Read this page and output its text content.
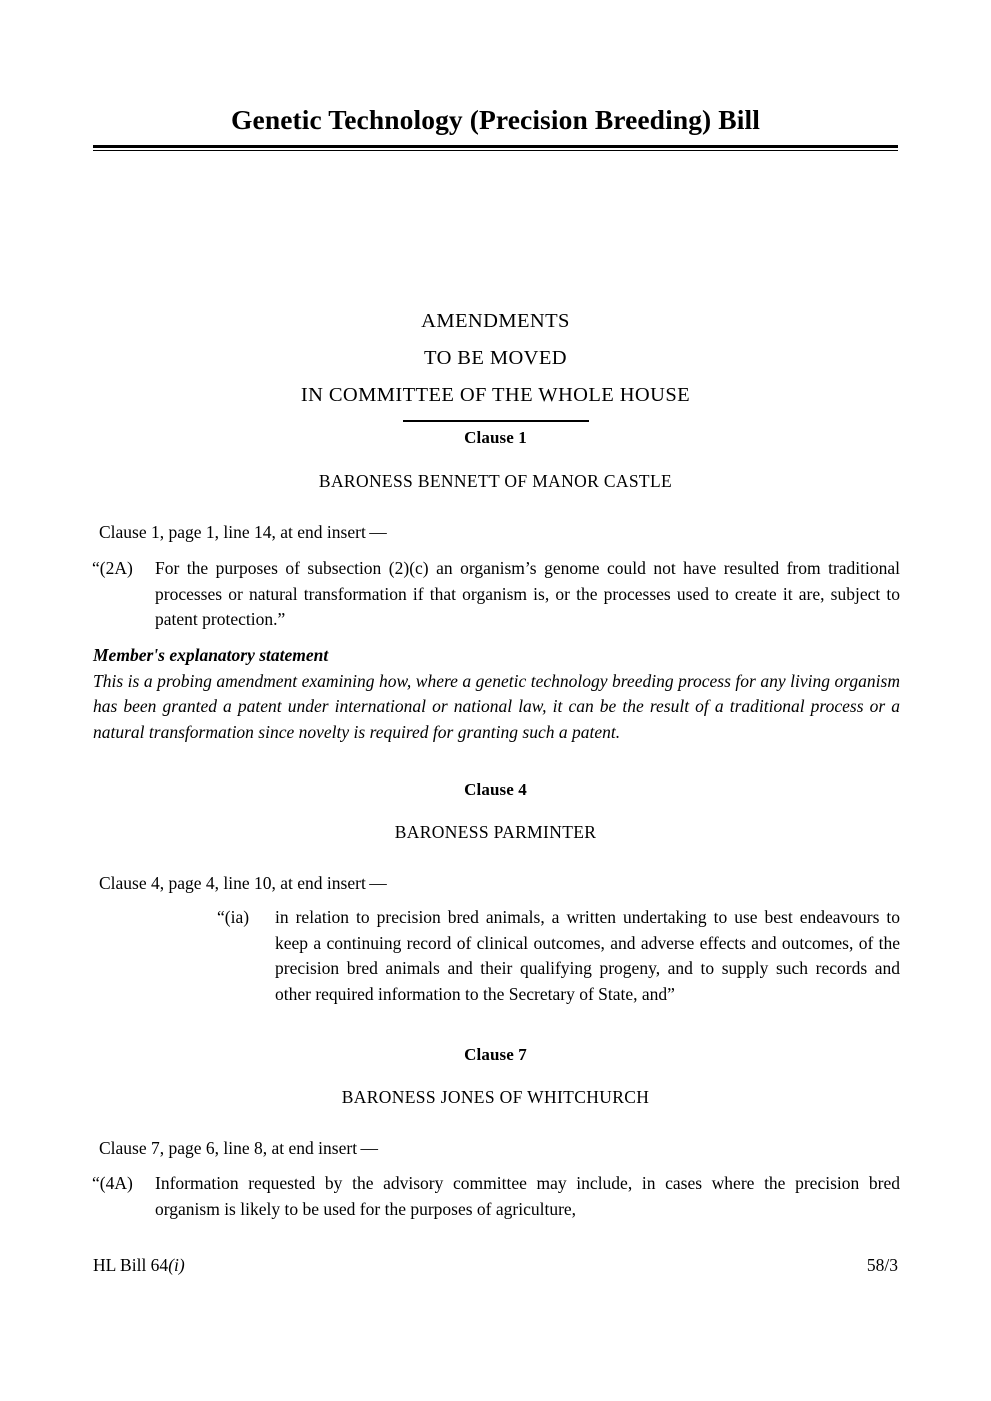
Genetic Technology (Precision Breeding) Bill
AMENDMENTS
TO BE MOVED
IN COMMITTEE OF THE WHOLE HOUSE
Clause 1
BARONESS BENNETT OF MANOR CASTLE
Clause 1, page 1, line 14, at end insert —
“(2A)	For the purposes of subsection (2)(c) an organism’s genome could not have resulted from traditional processes or natural transformation if that organism is, or the processes used to create it are, subject to patent protection.”
Member's explanatory statement
This is a probing amendment examining how, where a genetic technology breeding process for any living organism has been granted a patent under international or national law, it can be the result of a traditional process or a natural transformation since novelty is required for granting such a patent.
Clause 4
BARONESS PARMINTER
Clause 4, page 4, line 10, at end insert —
“(ia)	in relation to precision bred animals, a written undertaking to use best endeavours to keep a continuing record of clinical outcomes, and adverse effects and outcomes, of the precision bred animals and their qualifying progeny, and to supply such records and other required information to the Secretary of State, and”
Clause 7
BARONESS JONES OF WHITCHURCH
Clause 7, page 6, line 8, at end insert —
“(4A)	Information requested by the advisory committee may include, in cases where the precision bred organism is likely to be used for the purposes of agriculture,
HL Bill 64(i)	58/3
